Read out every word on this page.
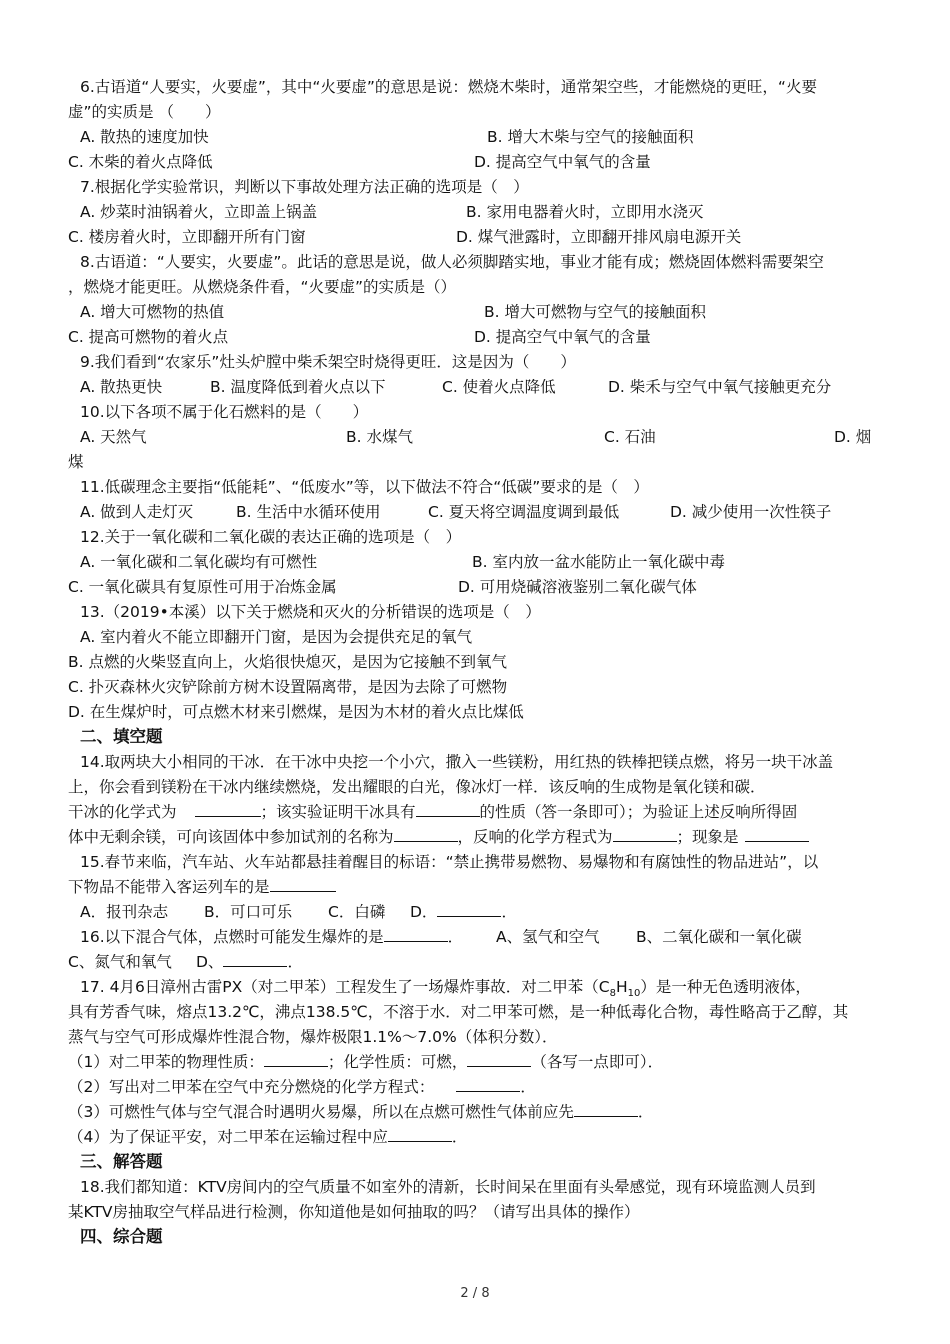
6.古语道“人要实，火要虚”，其中“火要虚”的意思是说：燃烧木柴时，通常架空些，才能燃烧的更旺，“火要
虚”的实质是 （　　）
A. 散热的速度加快	B. 增大木柴与空气的接触面积
C. 木柴的着火点降低	D. 提高空气中氧气的含量
7.根据化学实验常识，判断以下事故处理方法正确的选项是（　）
A. 炒菜时油锅着火，立即盖上锅盖	B. 家用电器着火时，立即用水浇灭
C. 楼房着火时，立即翻开所有门窗	D. 煤气泄露时，立即翻开排风扇电源开关
8.古语道：“人要实，火要虚”。此话的意思是说，做人必须脚踏实地，事业才能有成；燃烧固体燃料需要架空
，燃烧才能更旺。从燃烧条件看，“火要虚”的实质是（）
A. 增大可燃物的热值	B. 增大可燃物与空气的接触面积
C. 提高可燃物的着火点	D. 提高空气中氧气的含量
9.我们看到“农家乐”灶头炉膛中柴禾架空时烧得更旺．这是因为（　　）
A. 散热更快	B. 温度降低到着火点以下	C. 使着火点降低	D. 柴禾与空气中氧气接触更充分
10.以下各项不属于化石燃料的是（　　）
A. 天然气	B. 水煤气	C. 石油	D. 烟
煤
11.低碳理念主要指“低能耗”、“低废水”等，以下做法不符合“低碳”要求的是（　）
A. 做到人走灯灭	B. 生活中水循环使用	C. 夏天将空调温度调到最低	D. 减少使用一次性筷子
12.关于一氧化碳和二氧化碳的表达正确的选项是（　）
A. 一氧化碳和二氧化碳均有可燃性	B. 室内放一盆水能防止一氧化碳中毒
C. 一氧化碳具有复原性可用于冶炼金属	D. 可用烧碱溶液鉴别二氧化碳气体
13.（2019•本溪）以下关于燃烧和灭火的分析错误的选项是（　）
A. 室内着火不能立即翻开门窗，是因为会提供充足的氧气
B. 点燃的火柴竖直向上，火焰很快熄灭，是因为它接触不到氧气
C. 扑灭森林火灾铲除前方树木设置隔离带，是因为去除了可燃物
D. 在生煤炉时，可点燃木材来引燃煤，是因为木材的着火点比煤低
二、填空题
14.取两块大小相同的干冰．在干冰中央挖一个小穴，撒入一些镁粉，用红热的铁棒把镁点燃，将另一块干冰盖
上，你会看到镁粉在干冰内继续燃烧，发出耀眼的白光，像冰灯一样．该反响的生成物是氧化镁和碳．
干冰的化学式为	；该实验证明干冰具有	的性质（答一条即可）；为验证上述反响所得固
体中无剩余镁，可向该固体中参加试剂的名称为	，反响的化学方程式为	；现象是
15.春节来临，汽车站、火车站都悬挂着醒目的标语：“禁止携带易燃物、易爆物和有腐蚀性的物品进站”，以
下物品不能带入客运列车的是
A．报刊杂志 B．可口可乐 C．白磷 D．	．
16.以下混合气体，点燃时可能发生爆炸的是	． A、氢气和空气 B、二氧化碳和一氧化碳
C、氮气和氧气 D、	．
17. 4月6日漳州古雷PX（对二甲苯）工程发生了一场爆炸事故．对二甲苯$(C_8H_{10})$是一种无色透明液体，
具有芳香气味，熔点13.2℃，沸点138.5℃，不溶于水．对二甲苯可燃，是一种低毒化合物，毒性略高于乙醇，其
蒸气与空气可形成爆炸性混合物，爆炸极限1.1%～7.0%（体积分数）．
（1）对二甲苯的物理性质：	；化学性质：可燃，	（各写一点即可）．
（2）写出对二甲苯在空气中充分燃烧的化学方程式：	．
（3）可燃性气体与空气混合时遇明火易爆，所以在点燃可燃性气体前应先	．
（4）为了保证平安，对二甲苯在运输过程中应	．
三、解答题
18.我们都知道：KTV房间内的空气质量不如室外的清新，长时间呆在里面有头晕感觉，现有环境监测人员到
某KTV房抽取空气样品进行检测，你知道他是如何抽取的吗？（请写出具体的操作）
四、综合题
2 / 8
